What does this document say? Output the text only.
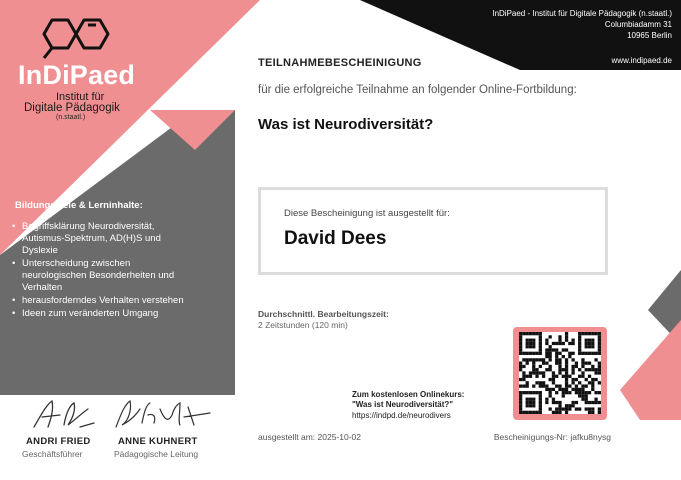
InDiPaed
Institut für
Digitale Pädagogik
(n.staatl.)
InDiPaed - Institut für Digitale Pädagogik (n.staatl.)
Columbiadamm 31
10965 Berlin
www.indipaed.de
TEILNAHMEBESCHEINIGUNG
für die erfolgreiche Teilnahme an folgender Online-Fortbildung:
Was ist Neurodiversität?
Bildungsziele & Lerninhalte:
• Begriffsklärung Neurodiversität, Autismus-Spektrum, AD(H)S und Dyslexie
• Unterscheidung zwischen neurologischen Besonderheiten und Verhalten
• herausforderndes Verhalten verstehen
• Ideen zum veränderten Umgang
Diese Bescheinigung ist ausgestellt für:
David Dees
Durchschnittl. Bearbeitungszeit:
2 Zeitstunden (120 min)
Zum kostenlosen Onlinekurs:
"Was ist Neurodiversität?"
https://indpd.de/neurodivers
ausgestellt am: 2025-10-02	Bescheinigungs-Nr: jafku8nysg
ANDRI FRIED
Geschäftsführer
ANNE KUHNERT
Pädagogische Leitung
